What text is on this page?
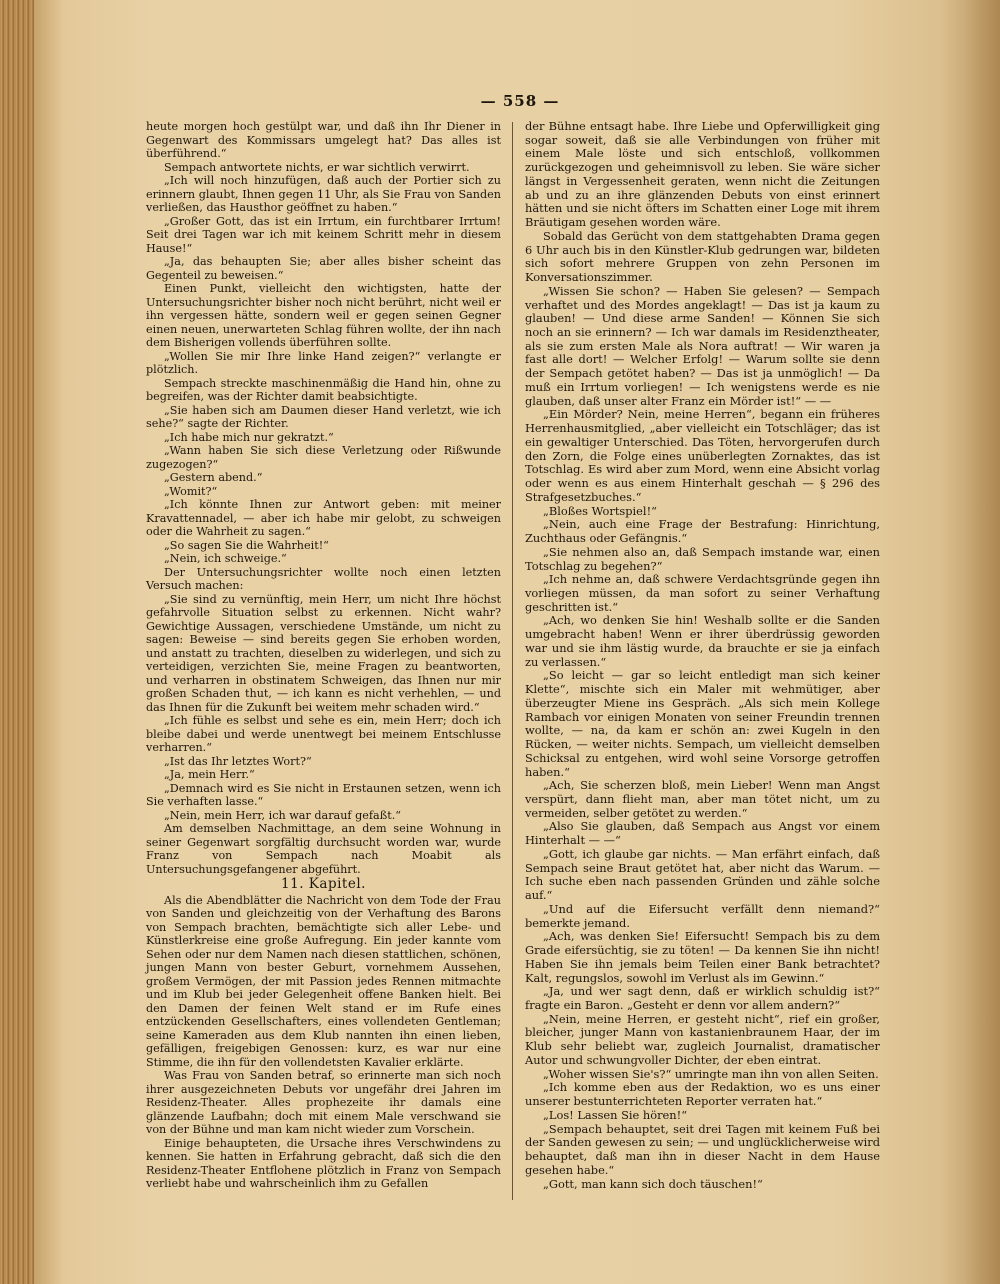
— 558 —

heute morgen hoch gestülpt war, und daß ihn Ihr Diener in Gegenwart des Kommissars umgelegt hat? Das alles ist überführend.“

Sempach antwortete nichts, er war sichtlich verwirrt.

„Ich will noch hinzufügen, daß auch der Portier sich zu erinnern glaubt, Ihnen gegen 11 Uhr, als Sie Frau von Sanden verließen, das Hausthor geöffnet zu haben.“

„Großer Gott, das ist ein Irrtum, ein furchtbarer Irrtum! Seit drei Tagen war ich mit keinem Schritt mehr in diesem Hause!“

„Ja, das behaupten Sie; aber alles bisher scheint das Gegenteil zu beweisen.“

Einen Punkt, vielleicht den wichtigsten, hatte der Untersuchungsrichter bisher noch nicht berührt, nicht weil er ihn vergessen hätte, sondern weil er gegen seinen Gegner einen neuen, unerwarteten Schlag führen wollte, der ihn nach dem Bisherigen vollends überführen sollte.

„Wollen Sie mir Ihre linke Hand zeigen?“ verlangte er plötzlich.

Sempach streckte maschinenmäßig die Hand hin, ohne zu begreifen, was der Richter damit beabsichtigte.

„Sie haben sich am Daumen dieser Hand verletzt, wie ich sehe?“ sagte der Richter.

„Ich habe mich nur gekratzt.“

„Wann haben Sie sich diese Verletzung oder Rißwunde zugezogen?“

„Gestern abend.“

„Womit?“

„Ich könnte Ihnen zur Antwort geben: mit meiner Kravattennadel, — aber ich habe mir gelobt, zu schweigen oder die Wahrheit zu sagen.“

„So sagen Sie die Wahrheit!“

„Nein, ich schweige.“

Der Untersuchungsrichter wollte noch einen letzten Versuch machen:

„Sie sind zu vernünftig, mein Herr, um nicht Ihre höchst gefahrvolle Situation selbst zu erkennen. Nicht wahr? Gewichtige Aussagen, verschiedene Umstände, um nicht zu sagen: Beweise — sind bereits gegen Sie erhoben worden, und anstatt zu trachten, dieselben zu widerlegen, und sich zu verteidigen, verzichten Sie, meine Fragen zu beantworten, und verharren in obstinatem Schweigen, das Ihnen nur mir großen Schaden thut, — ich kann es nicht verhehlen, — und das Ihnen für die Zukunft bei weitem mehr schaden wird.“

„Ich fühle es selbst und sehe es ein, mein Herr; doch ich bleibe dabei und werde unentwegt bei meinem Entschlusse verharren.“

„Ist das Ihr letztes Wort?“

„Ja, mein Herr.“

„Demnach wird es Sie nicht in Erstaunen setzen, wenn ich Sie verhaften lasse.“

„Nein, mein Herr, ich war darauf gefaßt.“

Am demselben Nachmittage, an dem seine Wohnung in seiner Gegenwart sorgfältig durchsucht worden war, wurde Franz von Sempach nach Moabit als Untersuchungsgefangener abgeführt.

11. Kapitel.

Als die Abendblätter die Nachricht von dem Tode der Frau von Sanden und gleichzeitig von der Verhaftung des Barons von Sempach brachten, bemächtigte sich aller Lebe- und Künstlerkreise eine große Aufregung. Ein jeder kannte vom Sehen oder nur dem Namen nach diesen stattlichen, schönen, jungen Mann von bester Geburt, vornehmem Aussehen, großem Vermögen, der mit Passion jedes Rennen mitmachte und im Klub bei jeder Gelegenheit offene Banken hielt. Bei den Damen der feinen Welt stand er im Rufe eines entzückenden Gesellschafters, eines vollendeten Gentleman; seine Kameraden aus dem Klub nannten ihn einen lieben, gefälligen, freigebigen Genossen: kurz, es war nur eine Stimme, die ihn für den vollendetsten Kavalier erklärte.

Was Frau von Sanden betraf, so erinnerte man sich noch ihrer ausgezeichneten Debuts vor ungefähr drei Jahren im Residenz-Theater. Alles prophezeite ihr damals eine glänzende Laufbahn; doch mit einem Male verschwand sie von der Bühne und man kam nicht wieder zum Vorschein.

Einige behaupteten, die Ursache ihres Verschwindens zu kennen. Sie hatten in Erfahrung gebracht, daß sich die den Residenz-Theater Entflohene plötzlich in Franz von Sempach verliebt habe und wahrscheinlich ihm zu Gefallen

der Bühne entsagt habe. Ihre Liebe und Opferwilligkeit ging sogar soweit, daß sie alle Verbindungen von früher mit einem Male löste und sich entschloß, vollkommen zurückgezogen und geheimnisvoll zu leben. Sie wäre sicher längst in Vergessenheit geraten, wenn nicht die Zeitungen ab und zu an ihre glänzenden Debuts von einst erinnert hätten und sie nicht öfters im Schatten einer Loge mit ihrem Bräutigam gesehen worden wäre.

Sobald das Gerücht von dem stattgehabten Drama gegen 6 Uhr auch bis in den Künstler-Klub gedrungen war, bildeten sich sofort mehrere Gruppen von zehn Personen im Konversationszimmer.

„Wissen Sie schon? — Haben Sie gelesen? — Sempach verhaftet und des Mordes angeklagt! — Das ist ja kaum zu glauben! — Und diese arme Sanden! — Können Sie sich noch an sie erinnern? — Ich war damals im Residenztheater, als sie zum ersten Male als Nora auftrat! — Wir waren ja fast alle dort! — Welcher Erfolg! — Warum sollte sie denn der Sempach getötet haben? — Das ist ja unmöglich! — Da muß ein Irrtum vorliegen! — Ich wenigstens werde es nie glauben, daß unser alter Franz ein Mörder ist!“ — —

„Ein Mörder? Nein, meine Herren“, begann ein früheres Herrenhausmitglied, „aber vielleicht ein Totschläger; das ist ein gewaltiger Unterschied. Das Töten, hervorgerufen durch den Zorn, die Folge eines unüberlegten Zornaktes, das ist Totschlag. Es wird aber zum Mord, wenn eine Absicht vorlag oder wenn es aus einem Hinterhalt geschah — § 296 des Strafgesetzbuches.“

„Bloßes Wortspiel!“

„Nein, auch eine Frage der Bestrafung: Hinrichtung, Zuchthaus oder Gefängnis.“

„Sie nehmen also an, daß Sempach imstande war, einen Totschlag zu begehen?“

„Ich nehme an, daß schwere Verdachtsgründe gegen ihn vorliegen müssen, da man sofort zu seiner Verhaftung geschritten ist.“

„Ach, wo denken Sie hin! Weshalb sollte er die Sanden umgebracht haben! Wenn er ihrer überdrüssig geworden war und sie ihm lästig wurde, da brauchte er sie ja einfach zu verlassen.“

„So leicht — gar so leicht entledigt man sich keiner Klette“, mischte sich ein Maler mit wehmütiger, aber überzeugter Miene ins Gespräch. „Als sich mein Kollege Rambach vor einigen Monaten von seiner Freundin trennen wollte, — na, da kam er schön an: zwei Kugeln in den Rücken, — weiter nichts. Sempach, um vielleicht demselben Schicksal zu entgehen, wird wohl seine Vorsorge getroffen haben.“

„Ach, Sie scherzen bloß, mein Lieber! Wenn man Angst verspürt, dann flieht man, aber man tötet nicht, um zu vermeiden, selber getötet zu werden.“

„Also Sie glauben, daß Sempach aus Angst vor einem Hinterhalt — —“

„Gott, ich glaube gar nichts. — Man erfährt einfach, daß Sempach seine Braut getötet hat, aber nicht das Warum. — Ich suche eben nach passenden Gründen und zähle solche auf.“

„Und auf die Eifersucht verfällt denn niemand?“ bemerkte jemand.

„Ach, was denken Sie! Eifersucht! Sempach bis zu dem Grade eifersüchtig, sie zu töten! — Da kennen Sie ihn nicht! Haben Sie ihn jemals beim Teilen einer Bank betrachtet? Kalt, regungslos, sowohl im Verlust als im Gewinn.“

„Ja, und wer sagt denn, daß er wirklich schuldig ist?“ fragte ein Baron. „Gesteht er denn vor allem andern?“

„Nein, meine Herren, er gesteht nicht“, rief ein großer, bleicher, junger Mann von kastanienbraunem Haar, der im Klub sehr beliebt war, zugleich Journalist, dramatischer Autor und schwungvoller Dichter, der eben eintrat.

„Woher wissen Sie's?“ umringte man ihn von allen Seiten.

„Ich komme eben aus der Redaktion, wo es uns einer unserer bestunterrichteten Reporter verraten hat.“

„Los! Lassen Sie hören!“

„Sempach behauptet, seit drei Tagen mit keinem Fuß bei der Sanden gewesen zu sein; — und unglücklicherweise wird behauptet, daß man ihn in dieser Nacht in dem Hause gesehen habe.“

„Gott, man kann sich doch täuschen!“
